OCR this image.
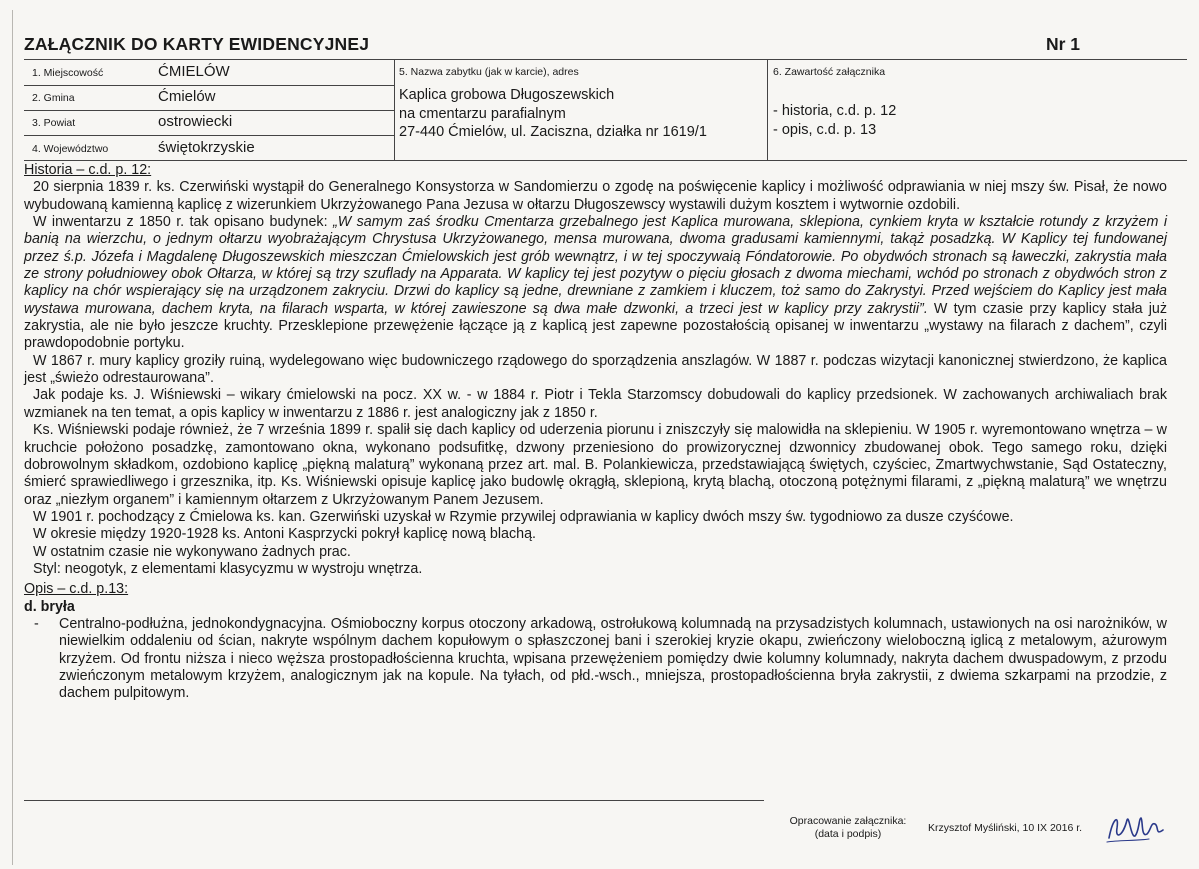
ZAŁĄCZNIK DO KARTY EWIDENCYJNEJ	Nr 1
1. Miejscowość	ĆMIELÓW
2. Gmina	Ćmielów
3. Powiat	ostrowiecki
4. Województwo	świętokrzyskie
5. Nazwa zabytku (jak w karcie), adres
Kaplica grobowa Długoszewskich
na cmentarzu parafialnym
27-440 Ćmielów, ul. Zaciszna, działka nr 1619/1
6. Zawartość załącznika
- historia, c.d. p. 12
- opis, c.d. p. 13

Historia – c.d. p. 12:

20 sierpnia 1839 r. ks. Czerwiński wystąpił do Generalnego Konsystorza w Sandomierzu o zgodę na poświęcenie kaplicy i możliwość odprawiania w niej mszy św. Pisał, że nowo wybudowaną kamienną kaplicę z wizerunkiem Ukrzyżowanego Pana Jezusa w ołtarzu Długoszewscy wystawili dużym kosztem i wytwornie ozdobili.

W inwentarzu z 1850 r. tak opisano budynek: „W samym zaś środku Cmentarza grzebalnego jest Kaplica murowana, sklepiona, cynkiem kryta w kształcie rotundy z krzyżem i banią na wierzchu, o jednym ołtarzu wyobrażającym Chrystusa Ukrzyżowanego, mensa murowana, dwoma gradusami kamiennymi, takąż posadzką. W Kaplicy tej fundowanej przez ś.p. Józefa i Magdalenę Długoszewskich mieszczan Ćmielowskich jest grób wewnątrz, i w tej spoczywaią Fóndatorowie. Po obydwóch stronach są ławeczki, zakrystia mała ze strony południowey obok Ołtarza, w której są trzy szuflady na Apparata. W kaplicy tej jest pozytyw o pięciu głosach z dwoma miechami, wchód po stronach z obydwóch stron z kaplicy na chór wspierający się na urządzonem zakryciu. Drzwi do kaplicy są jedne, drewniane z zamkiem i kluczem, toż samo do Zakrystyi. Przed wejściem do Kaplicy jest mała wystawa murowana, dachem kryta, na filarach wsparta, w której zawieszone są dwa małe dzwonki, a trzeci jest w kaplicy przy zakrystii”. W tym czasie przy kaplicy stała już zakrystia, ale nie było jeszcze kruchty. Przesklepione przewężenie łączące ją z kaplicą jest zapewne pozostałością opisanej w inwentarzu „wystawy na filarach z dachem”, czyli prawdopodobnie portyku.

W 1867 r. mury kaplicy groziły ruiną, wydelegowano więc budowniczego rządowego do sporządzenia anszlagów. W 1887 r. podczas wizytacji kanonicznej stwierdzono, że kaplica jest „świeżo odrestaurowana”.

Jak podaje ks. J. Wiśniewski – wikary ćmielowski na pocz. XX w. - w 1884 r. Piotr i Tekla Starzomscy dobudowali do kaplicy przedsionek. W zachowanych archiwaliach brak wzmianek na ten temat, a opis kaplicy w inwentarzu z 1886 r. jest analogiczny jak z 1850 r.

Ks. Wiśniewski podaje również, że 7 września 1899 r. spalił się dach kaplicy od uderzenia piorunu i zniszczyły się malowidła na sklepieniu. W 1905 r. wyremontowano wnętrza – w kruchcie położono posadzkę, zamontowano okna, wykonano podsufitkę, dzwony przeniesiono do prowizorycznej dzwonnicy zbudowanej obok. Tego samego roku, dzięki dobrowolnym składkom, ozdobiono kaplicę „piękną malaturą” wykonaną przez art. mal. B. Polankiewicza, przedstawiającą świętych, czyściec, Zmartwychwstanie, Sąd Ostateczny, śmierć sprawiedliwego i grzesznika, itp. Ks. Wiśniewski opisuje kaplicę jako budowlę okrągłą, sklepioną, krytą blachą, otoczoną potężnymi filarami, z „piękną malaturą” we wnętrzu oraz „niezłym organem” i kamiennym ołtarzem z Ukrzyżowanym Panem Jezusem.

W 1901 r. pochodzący z Ćmielowa ks. kan. Gzerwiński uzyskał w Rzymie przywilej odprawiania w kaplicy dwóch mszy św. tygodniowo za dusze czyśćowe.

W okresie między 1920-1928 ks. Antoni Kasprzycki pokrył kaplicę nową blachą.

W ostatnim czasie nie wykonywano żadnych prac.

Styl: neogotyk, z elementami klasycyzmu w wystroju wnętrza.

Opis – c.d. p.13:

d. bryła

- Centralno-podłużna, jednokondygnacyjna. Ośmioboczny korpus otoczony arkadową, ostrołukową kolumnadą na przysadzistych kolumnach, ustawionych na osi narożników, w niewielkim oddaleniu od ścian, nakryte wspólnym dachem kopułowym o spłaszczonej bani i szerokiej kryzie okapu, zwieńczony wieloboczną iglicą z metalowym, ażurowym krzyżem. Od frontu niższa i nieco węższa prostopadłościenna kruchta, wpisana przewężeniem pomiędzy dwie kolumny kolumnady, nakryta dachem dwuspadowym, z przodu zwieńczonym metalowym krzyżem, analogicznym jak na kopule. Na tyłach, od płd.-wsch., mniejsza, prostopadłościenna bryła zakrystii, z dwiema szkarpami na przodzie, z dachem pulpitowym.

Opracowanie załącznika:
(data i podpis)	Krzysztof Myśliński, 10 IX 2016 r.
